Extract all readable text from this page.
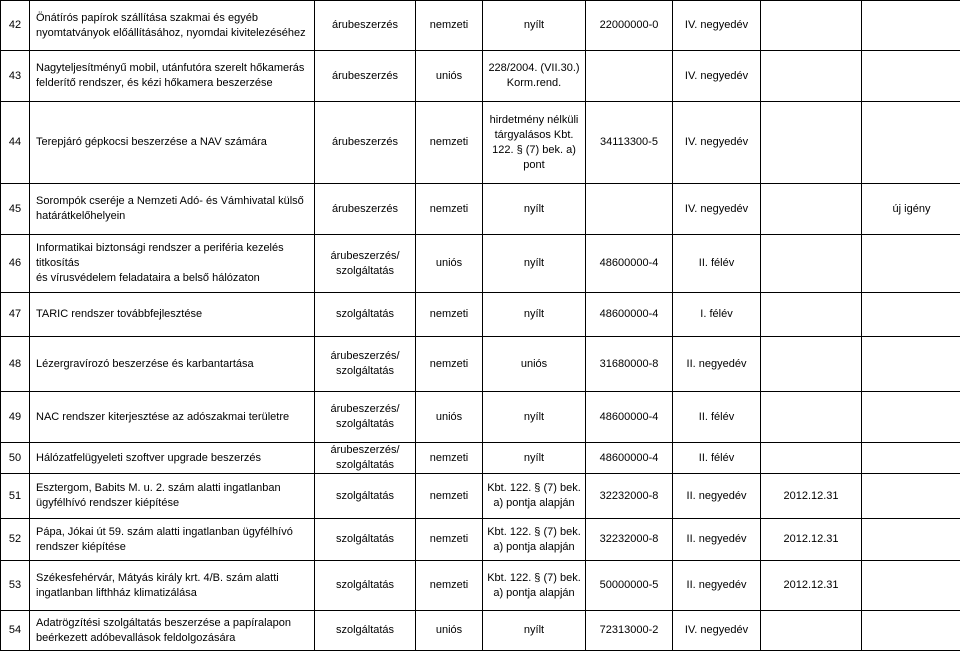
42	Önátírós papírok szállítása szakmai és egyéb
nyomtatványok előállításához, nyomdai kivitelezéséhez	árubeszerzés	nemzeti	nyílt	22000000-0	IV. negyedév		
43	Nagyteljesítményű mobil, utánfutóra szerelt hőkamerás
felderítő rendszer, és kézi hőkamera beszerzése	árubeszerzés	uniós	228/2004. (VII.30.)
Korm.rend.		IV. negyedév		
44	Terepjáró gépkocsi beszerzése a NAV számára	árubeszerzés	nemzeti	hirdetmény nélküli
tárgyalásos Kbt.
122. § (7) bek. a)
pont	34113300-5	IV. negyedév		
45	Sorompók cseréje a Nemzeti Adó- és Vámhivatal külső
határátkelőhelyein	árubeszerzés	nemzeti	nyílt		IV. negyedév		új igény
46	Informatikai biztonsági rendszer a periféria kezelés titkosítás
és vírusvédelem feladataira a belső hálózaton	árubeszerzés/
szolgáltatás	uniós	nyílt	48600000-4	II. félév		
47	TARIC rendszer továbbfejlesztése	szolgáltatás	nemzeti	nyílt	48600000-4	I. félév		
48	Lézergravírozó beszerzése és karbantartása	árubeszerzés/
szolgáltatás	nemzeti	uniós	31680000-8	II. negyedév		
49	NAC rendszer kiterjesztése az adószakmai területre	árubeszerzés/
szolgáltatás	uniós	nyílt	48600000-4	II. félév		
50	Hálózatfelügyeleti szoftver upgrade beszerzés	árubeszerzés/
szolgáltatás	nemzeti	nyílt	48600000-4	II. félév		
51	Esztergom, Babits M. u. 2. szám alatti ingatlanban
ügyfélhívó rendszer kiépítése	szolgáltatás	nemzeti	Kbt. 122. § (7) bek.
a) pontja alapján	32232000-8	II. negyedév	2012.12.31	
52	Pápa, Jókai út 59. szám alatti ingatlanban ügyfélhívó
rendszer kiépítése	szolgáltatás	nemzeti	Kbt. 122. § (7) bek.
a) pontja alapján	32232000-8	II. negyedév	2012.12.31	
53	Székesfehérvár, Mátyás király krt. 4/B. szám alatti
ingatlanban lifthház klimatizálása	szolgáltatás	nemzeti	Kbt. 122. § (7) bek.
a) pontja alapján	50000000-5	II. negyedév	2012.12.31	
54	Adatrögzítési szolgáltatás beszerzése a papíralapon
beérkezett adóbevallások feldolgozására	szolgáltatás	uniós	nyílt	72313000-2	IV. negyedév		
